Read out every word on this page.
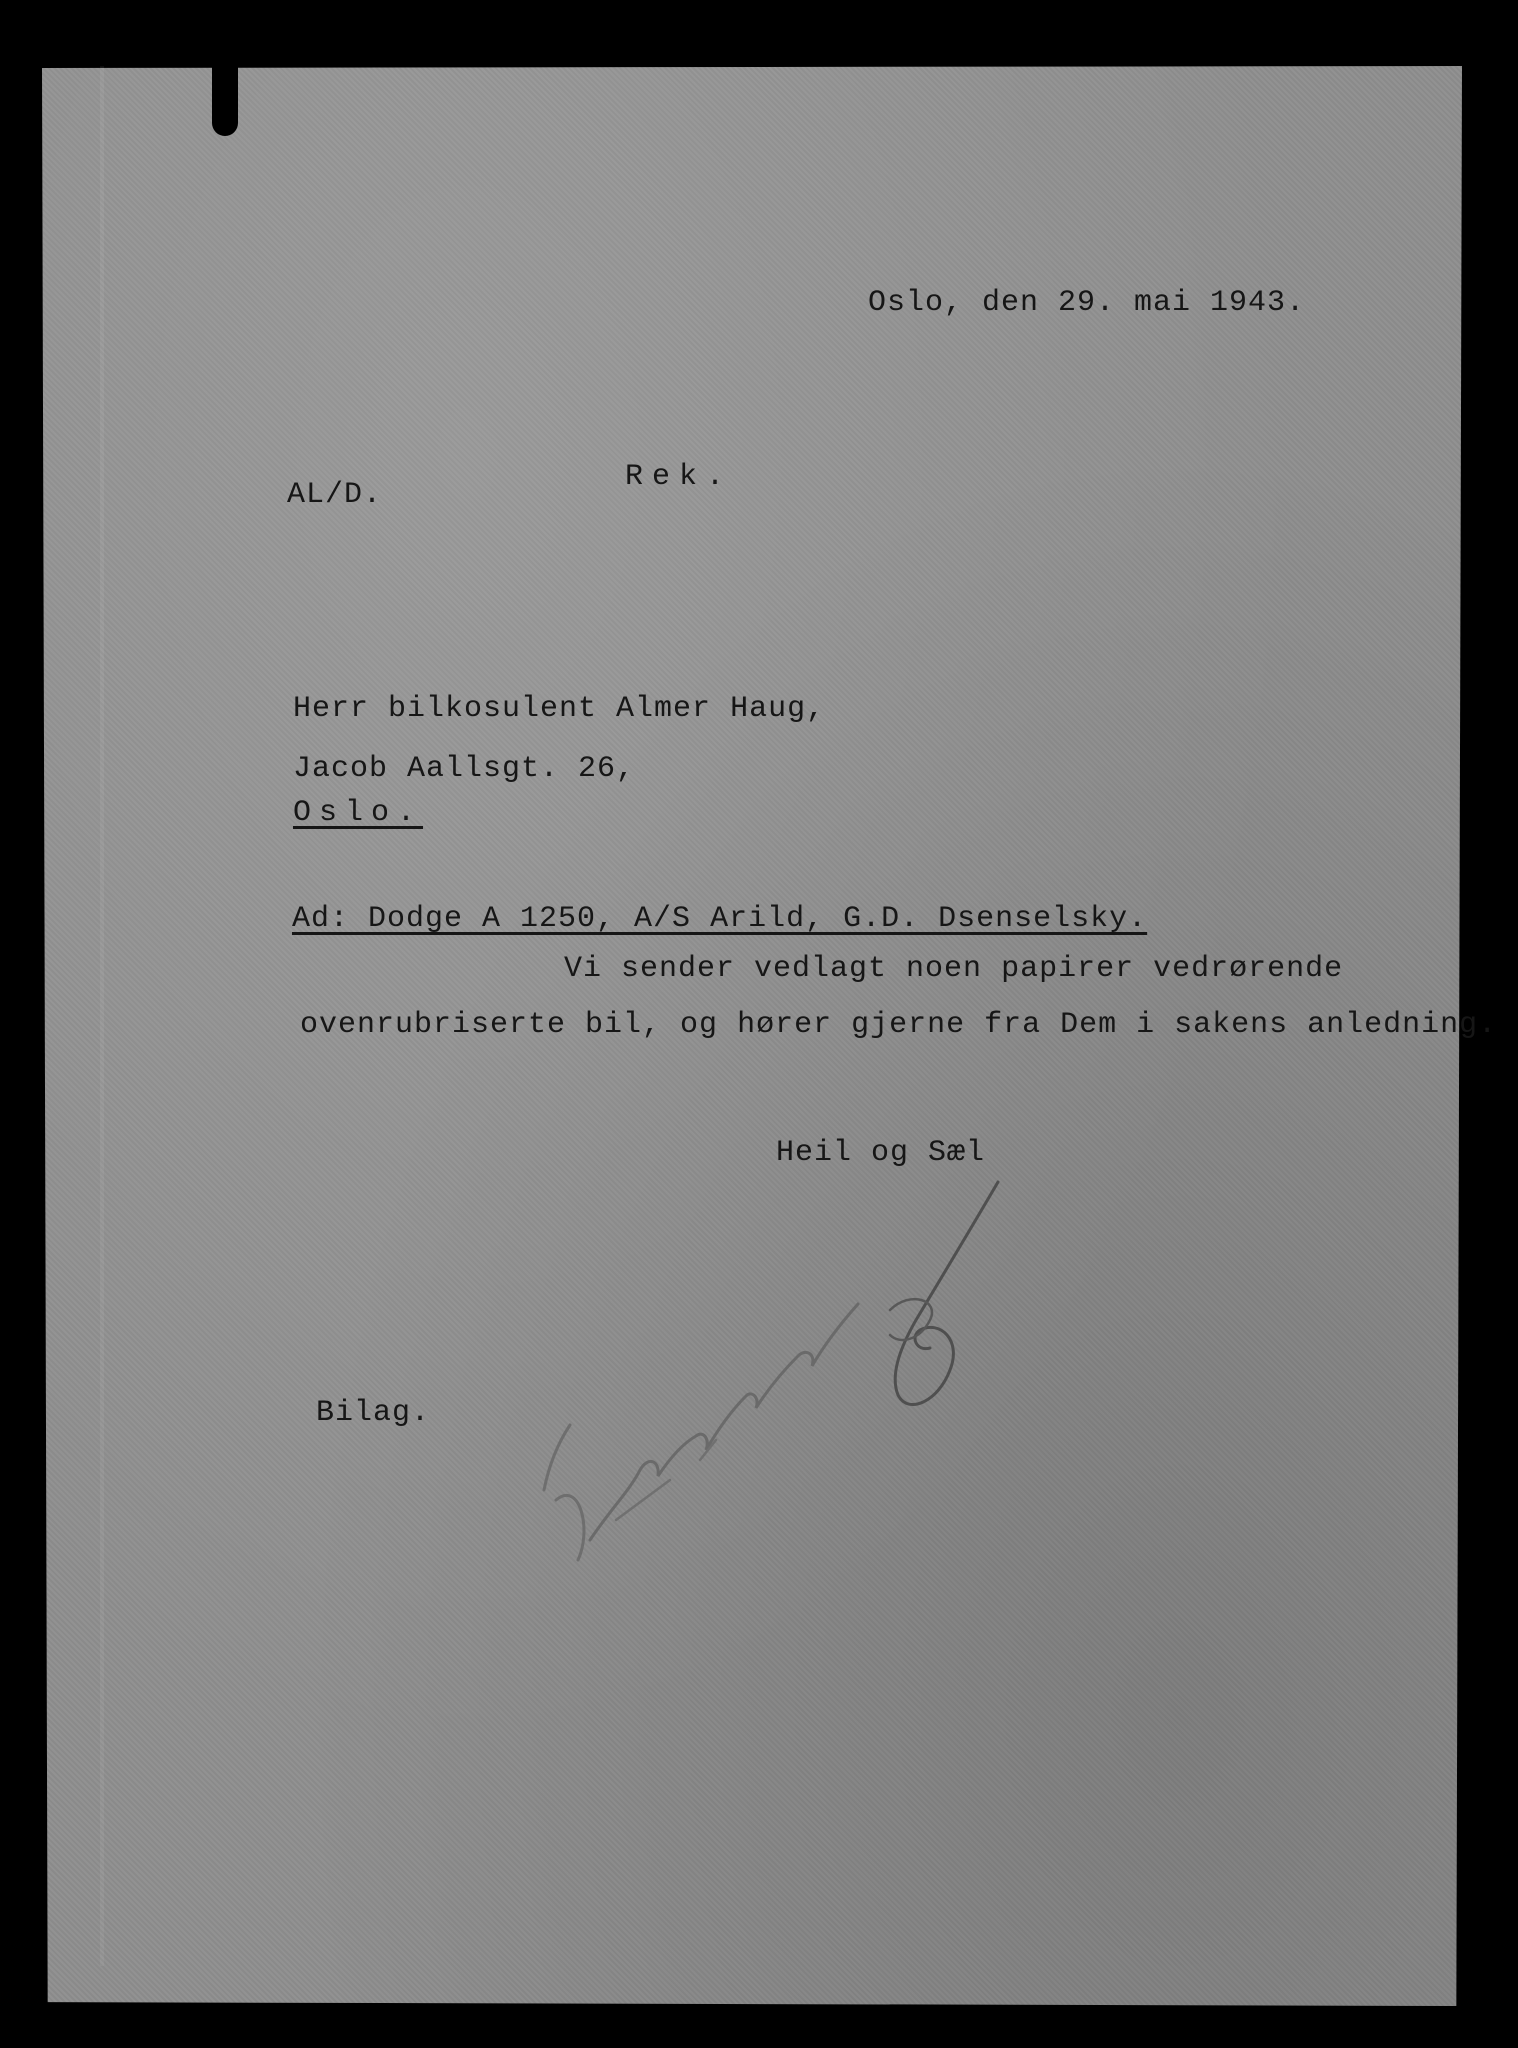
Oslo, den 29. mai 1943.
AL/D.
Rek.
Herr bilkosulent Almer Haug,
Jacob Aallsgt. 26,
Oslo.
Ad: Dodge A 1250, A/S Arild, G.D. Dsenselsky.
Vi sender vedlagt noen papirer vedrørende
ovenrubriserte bil, og hører gjerne fra Dem i sakens anledning.
Heil og Sæl
Bilag.
